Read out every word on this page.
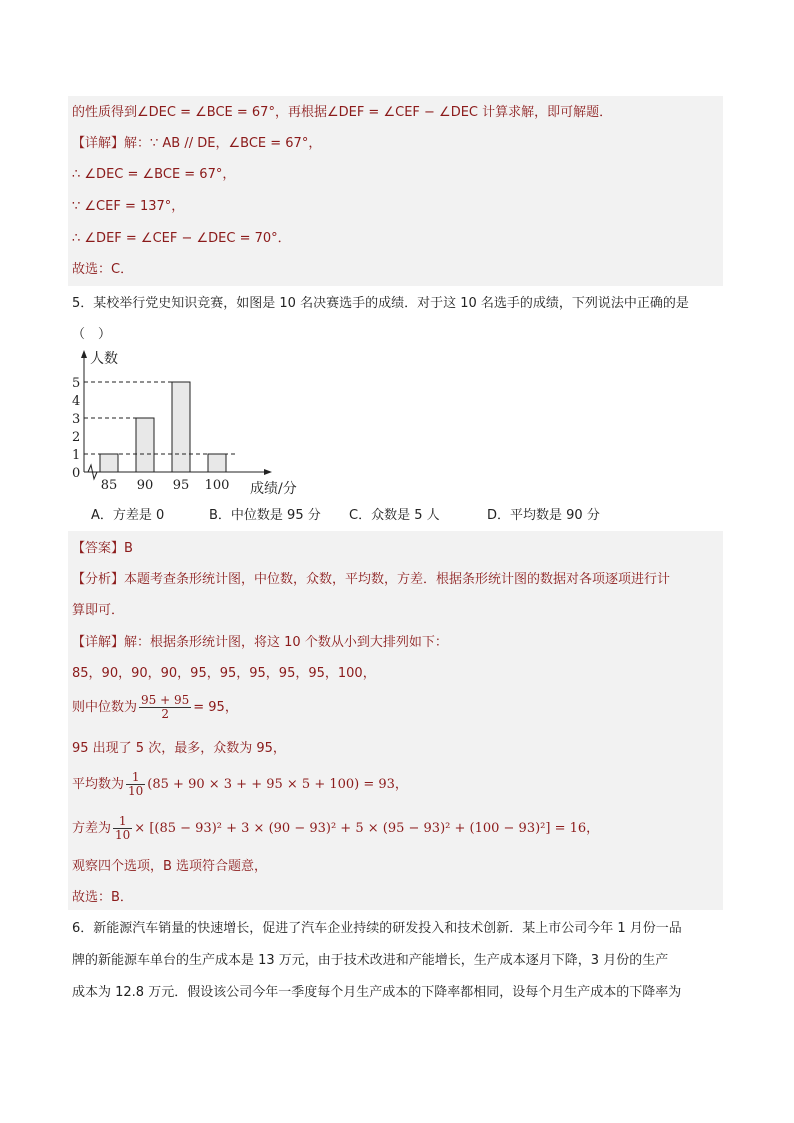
的性质得到∠DEC = ∠BCE = 67°，再根据∠DEF = ∠CEF − ∠DEC 计算求解，即可解题．
【详解】解：∵ AB // DE，∠BCE = 67°，
∴ ∠DEC = ∠BCE = 67°，
∵ ∠CEF = 137°，
∴ ∠DEF = ∠CEF − ∠DEC = 70°．
故选：C．
5．某校举行党史知识竞赛，如图是 10 名决赛选手的成绩．对于这 10 名选手的成绩，下列说法中正确的是
（　）
0
1
2
3
4
5
85 90 95 100
人数
成绩/分
A．方差是 0	B．中位数是 95 分 C．众数是 5 人	D．平均数是 90 分
【答案】B
【分析】本题考查条形统计图，中位数，众数，平均数，方差．根据条形统计图的数据对各项逐项进行计
算即可．
【详解】解：根据条形统计图，将这 10 个数从小到大排列如下：
85，90，90，90，95，95，95，95，95，100，
则中位数为 $\frac{95 + 95}{2} = 95$，
95 出现了 5 次，最多，众数为 95，
平均数为 $\frac{1}{10} (85 + 90 \times 3$ + + 95 × 5 + 100) = 93，
方差为 $\frac{1}{10} \times [(85 - 93)^2 + 3 \times (90 - 93)^2 + 5 \times (95 - 93)^2 + (100 - 93)^2] = 16$，
观察四个选项，B 选项符合题意，
故选：B．
6．新能源汽车销量的快速增长，促进了汽车企业持续的研发投入和技术创新．某上市公司今年 1 月份一品
牌的新能源车单台的生产成本是 13 万元，由于技术改进和产能增长，生产成本逐月下降，3 月份的生产
成本为 12.8 万元．假设该公司今年一季度每个月生产成本的下降率都相同，设每个月生产成本的下降率为
